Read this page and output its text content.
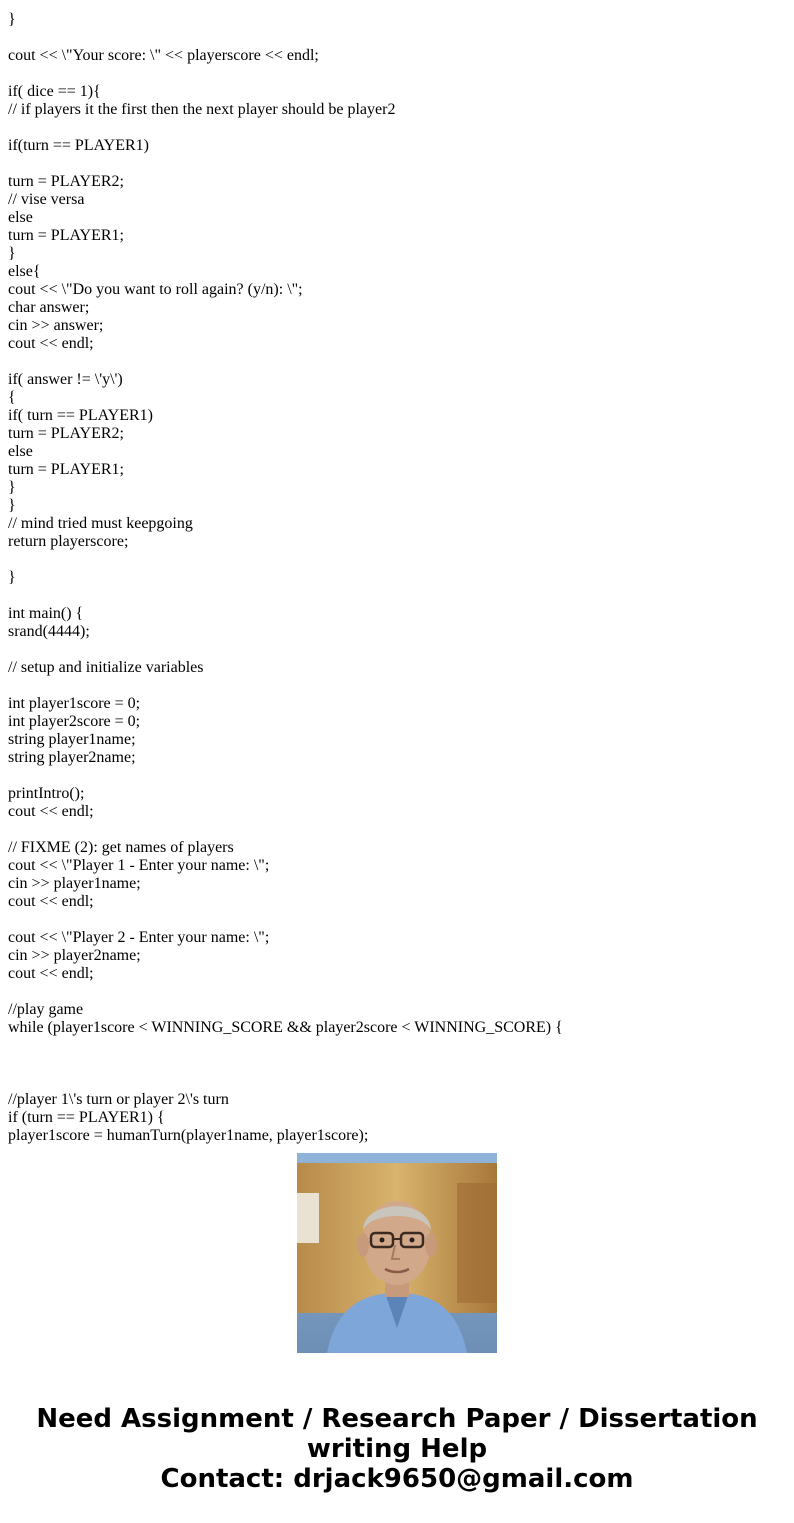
}
cout << \"Your score: \" << playerscore << endl;
if( dice == 1){
// if players it the first then the next player should be player2
if(turn == PLAYER1)
turn = PLAYER2;
// vise versa
else
turn = PLAYER1;
}
else{
cout << \"Do you want to roll again? (y/n): \";
char answer;
cin >> answer;
cout << endl;
if( answer != \'y\')
{
if( turn == PLAYER1)
turn = PLAYER2;
else
turn = PLAYER1;
}
}
// mind tried must keepgoing
return playerscore;
}
int main() {
srand(4444);
// setup and initialize variables
int player1score = 0;
int player2score = 0;
string player1name;
string player2name;
printIntro();
cout << endl;
// FIXME (2): get names of players
cout << \"Player 1 - Enter your name: \";
cin >> player1name;
cout << endl;
cout << \"Player 2 - Enter your name: \";
cin >> player2name;
cout << endl;
//play game
while (player1score < WINNING_SCORE && player2score < WINNING_SCORE) {
//player 1\'s turn or player 2\'s turn
if (turn == PLAYER1) {
player1score = humanTurn(player1name, player1score);
Need Assignment / Research Paper / Dissertation
writing Help
Contact: drjack9650@gmail.com
